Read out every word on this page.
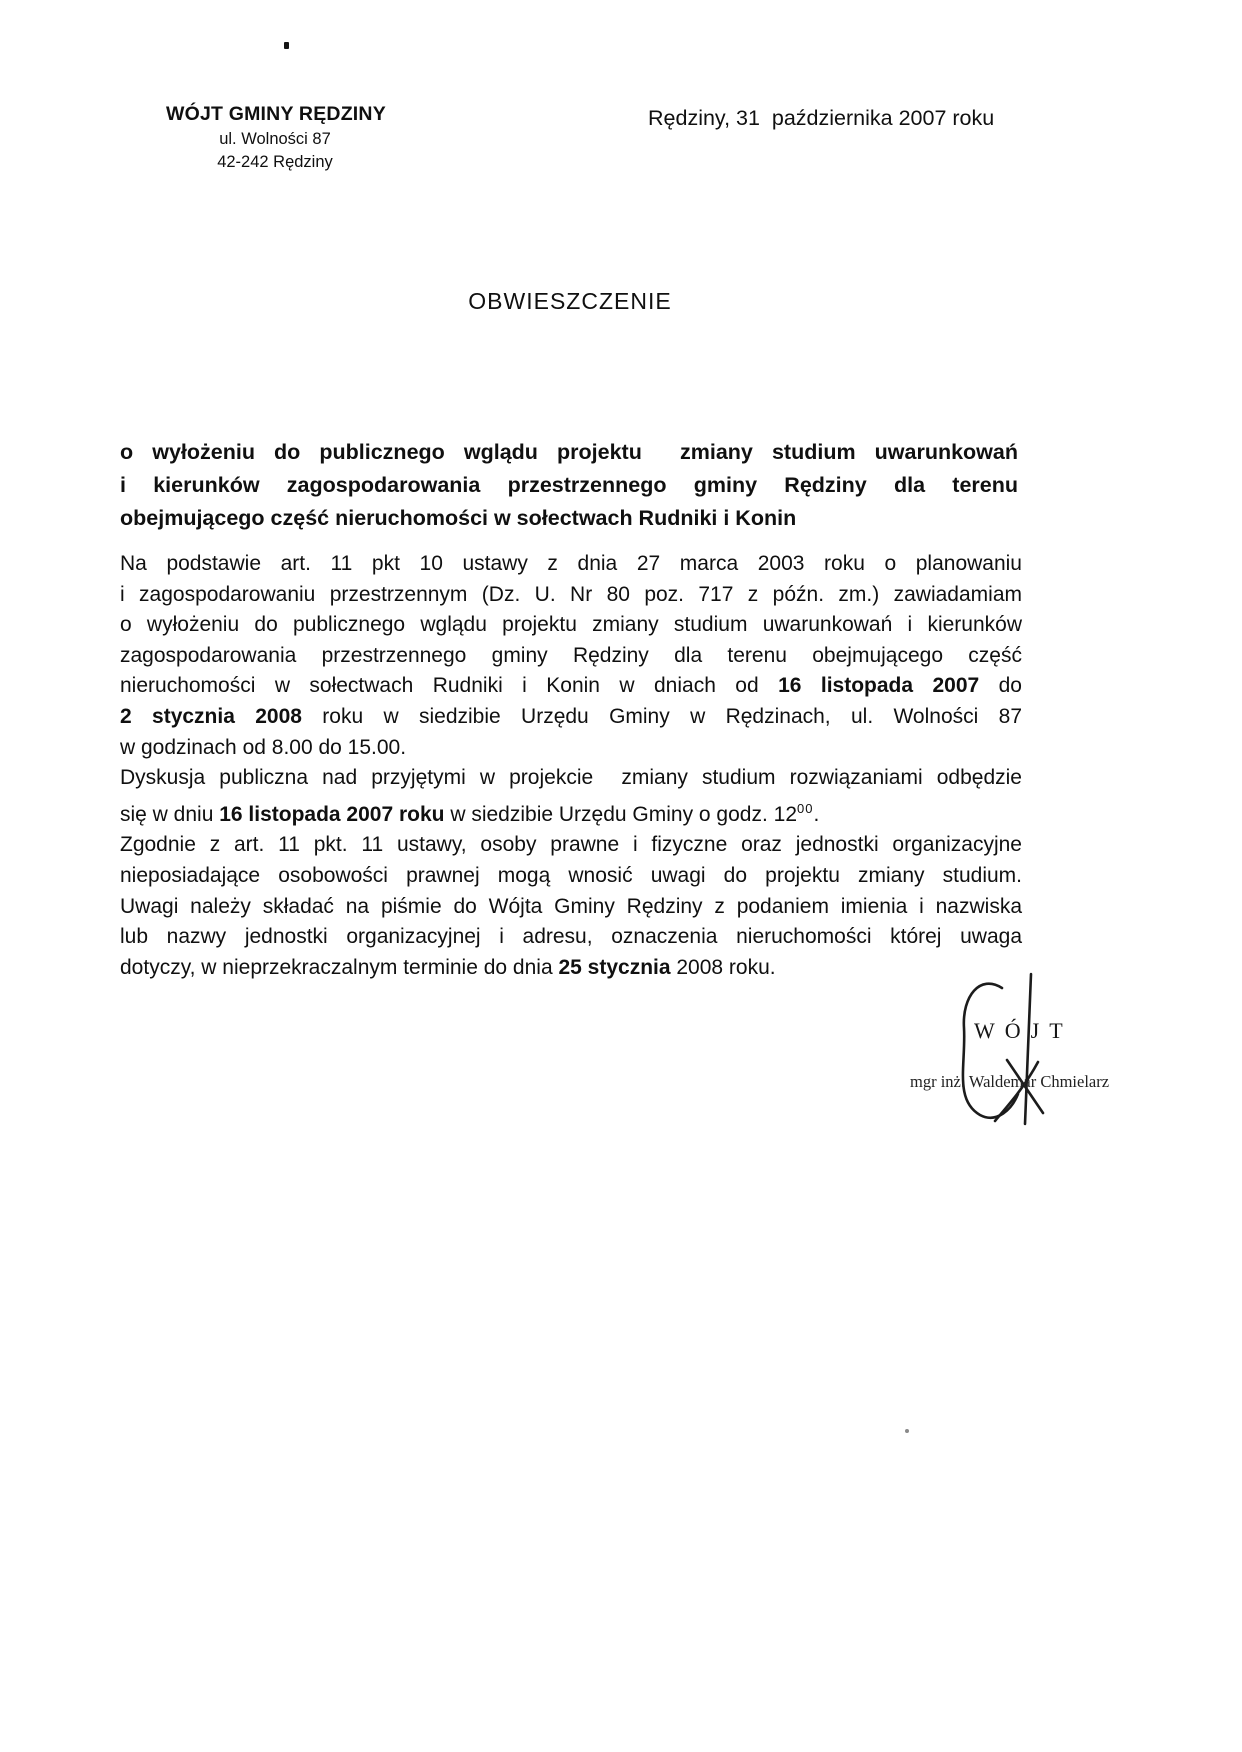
WÓJT GMINY RĘDZINY
ul. Wolności 87
42-242 Rędziny
Rędziny, 31  października 2007 roku
OBWIESZCZENIE
o wyłożeniu do publicznego wglądu projektu  zmiany studium uwarunkowań
i kierunków zagospodarowania przestrzennego gminy Rędziny dla terenu
obejmującego część nieruchomości w sołectwach Rudniki i Konin
Na podstawie art. 11 pkt 10 ustawy z dnia 27 marca 2003 roku o planowaniu
i zagospodarowaniu przestrzennym (Dz. U. Nr 80 poz. 717 z późn. zm.) zawiadamiam
o wyłożeniu do publicznego wglądu projektu zmiany studium uwarunkowań i kierunków
zagospodarowania przestrzennego gminy Rędziny dla terenu obejmującego część
nieruchomości w sołectwach Rudniki i Konin w dniach od 16 listopada 2007 do
2 stycznia 2008 roku w siedzibie Urzędu Gminy w Rędzinach, ul. Wolności 87
w godzinach od 8.00 do 15.00.
Dyskusja publiczna nad przyjętymi w projekcie  zmiany studium rozwiązaniami odbędzie
się w dniu 16 listopada 2007 roku w siedzibie Urzędu Gminy o godz. $12^{00}$.
Zgodnie z art. 11 pkt. 11 ustawy, osoby prawne i fizyczne oraz jednostki organizacyjne
nieposiadające osobowości prawnej mogą wnosić uwagi do projektu zmiany studium.
Uwagi należy składać na piśmie do Wójta Gminy Rędziny z podaniem imienia i nazwiska
lub nazwy jednostki organizacyjnej i adresu, oznaczenia nieruchomości której uwaga
dotyczy, w nieprzekraczalnym terminie do dnia 25 stycznia 2008 roku.
WÓJT
mgr inż. Waldemar Chmielarz
